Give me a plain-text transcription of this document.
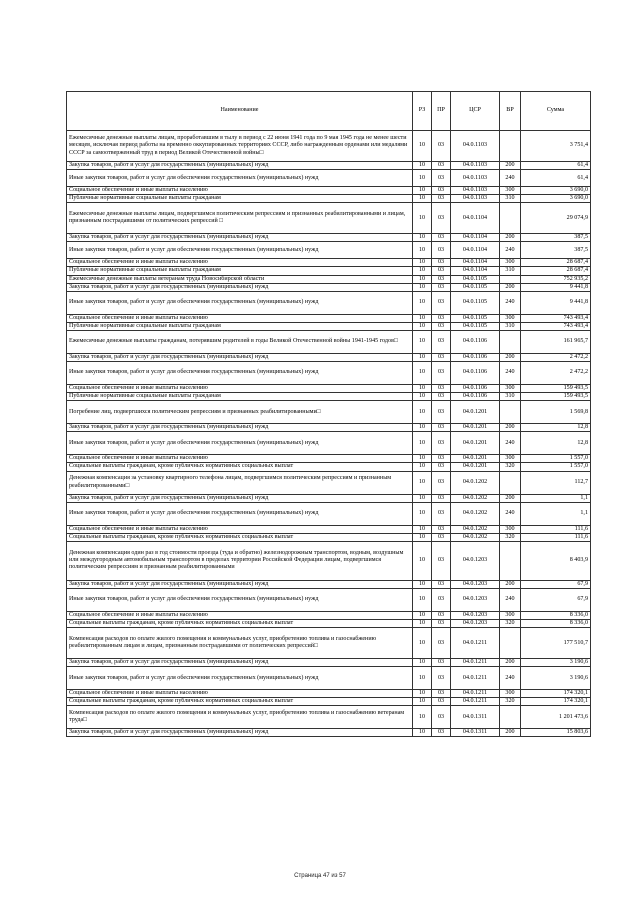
Наименование	РЗ	ПР	ЦСР	ВР	Сумма
Ежемесячные денежные выплаты лицам, проработавшим в тылу в период с 22 июня 1941 года по 9 мая 1945 года не менее шести месяцев, исключая период работы на временно оккупированных территориях СССР, либо награжденным орденами или медалями СССР за самоотверженный труд в период Великой Отечественной войны□	10	03	04.0.1103		3 751,4
Закупка товаров, работ и услуг для государственных (муниципальных) нужд	10	03	04.0.1103	200	61,4
Иные закупки товаров, работ и услуг для обеспечения государственных (муниципальных) нужд	10	03	04.0.1103	240	61,4
Социальное обеспечение и иные выплаты населению	10	03	04.0.1103	300	3 690,0
Публичные нормативные социальные выплаты гражданам	10	03	04.0.1103	310	3 690,0
Ежемесячные денежные выплаты лицам, подвергшимся политическим репрессиям и признанных реабилитированными и лицам, признанным пострадавшими от политических репрессий □	10	03	04.0.1104		29 074,9
Закупка товаров, работ и услуг для государственных (муниципальных) нужд	10	03	04.0.1104	200	387,5
Иные закупки товаров, работ и услуг для обеспечения государственных (муниципальных) нужд	10	03	04.0.1104	240	387,5
Социальное обеспечение и иные выплаты населению	10	03	04.0.1104	300	28 687,4
Публичные нормативные социальные выплаты гражданам	10	03	04.0.1104	310	28 687,4
Ежемесячные денежные выплаты ветеранам труда Новосибирской области	10	03	04.0.1105		752 935,2
Закупка товаров, работ и услуг для государственных (муниципальных) нужд	10	03	04.0.1105	200	9 441,8
Иные закупки товаров, работ и услуг для обеспечения государственных (муниципальных) нужд	10	03	04.0.1105	240	9 441,8
Социальное обеспечение и иные выплаты населению	10	03	04.0.1105	300	743 493,4
Публичные нормативные социальные выплаты гражданам	10	03	04.0.1105	310	743 493,4
Ежемесячные денежные выплаты гражданам, потерявшим родителей в годы Великой Отечественной войны 1941-1945 годов□	10	03	04.0.1106		161 965,7
Закупка товаров, работ и услуг для государственных (муниципальных) нужд	10	03	04.0.1106	200	2 472,2
Иные закупки товаров, работ и услуг для обеспечения государственных (муниципальных) нужд	10	03	04.0.1106	240	2 472,2
Социальное обеспечение и иные выплаты населению	10	03	04.0.1106	300	159 493,5
Публичные нормативные социальные выплаты гражданам	10	03	04.0.1106	310	159 493,5
Погребение лиц, подвергшихся политическим репрессиям и признанных реабилитированными□	10	03	04.0.1201		1 569,8
Закупка товаров, работ и услуг для государственных (муниципальных) нужд	10	03	04.0.1201	200	12,8
Иные закупки товаров, работ и услуг для обеспечения государственных (муниципальных) нужд	10	03	04.0.1201	240	12,8
Социальное обеспечение и иные выплаты населению	10	03	04.0.1201	300	1 557,0
Социальные выплаты гражданам, кроме публичных нормативных социальных выплат	10	03	04.0.1201	320	1 557,0
Денежная компенсация за установку квартирного телефона лицам, подвергшимся политическим репрессиям и признанным реабилитированными□	10	03	04.0.1202		112,7
Закупка товаров, работ и услуг для государственных (муниципальных) нужд	10	03	04.0.1202	200	1,1
Иные закупки товаров, работ и услуг для обеспечения государственных (муниципальных) нужд	10	03	04.0.1202	240	1,1
Социальное обеспечение и иные выплаты населению	10	03	04.0.1202	300	111,6
Социальные выплаты гражданам, кроме публичных нормативных социальных выплат	10	03	04.0.1202	320	111,6
Денежная компенсация один раз в год стоимости проезда (туда и обратно) железнодорожным транспортом, водным, воздушным или междугородным автомобильным транспортом в пределах территории Российской Федерации лицам, подвергшимся политическим репрессиям и признанным реабилитированными	10	03	04.0.1203		8 403,9
Закупка товаров, работ и услуг для государственных (муниципальных) нужд	10	03	04.0.1203	200	67,9
Иные закупки товаров, работ и услуг для обеспечения государственных (муниципальных) нужд	10	03	04.0.1203	240	67,9
Социальное обеспечение и иные выплаты населению	10	03	04.0.1203	300	8 336,0
Социальные выплаты гражданам, кроме публичных нормативных социальных выплат	10	03	04.0.1203	320	8 336,0
Компенсация расходов по оплате жилого помещения и коммунальных услуг, приобретению топлива и газоснабжению реабилитированным лицам и лицам, признанным пострадавшими от политических репрессий□	10	03	04.0.1211		177 510,7
Закупка товаров, работ и услуг для государственных (муниципальных) нужд	10	03	04.0.1211	200	3 190,6
Иные закупки товаров, работ и услуг для обеспечения государственных (муниципальных) нужд	10	03	04.0.1211	240	3 190,6
Социальное обеспечение и иные выплаты населению	10	03	04.0.1211	300	174 320,1
Социальные выплаты гражданам, кроме публичных нормативных социальных выплат	10	03	04.0.1211	320	174 320,1
Компенсация расходов по оплате жилого помещения и коммунальных услуг, приобретению топлива и газоснабжению ветеранам труда□	10	03	04.0.1311		1 201 473,6
Закупка товаров, работ и услуг для государственных (муниципальных) нужд	10	03	04.0.1311	200	15 803,6
Страница 47 из 57
